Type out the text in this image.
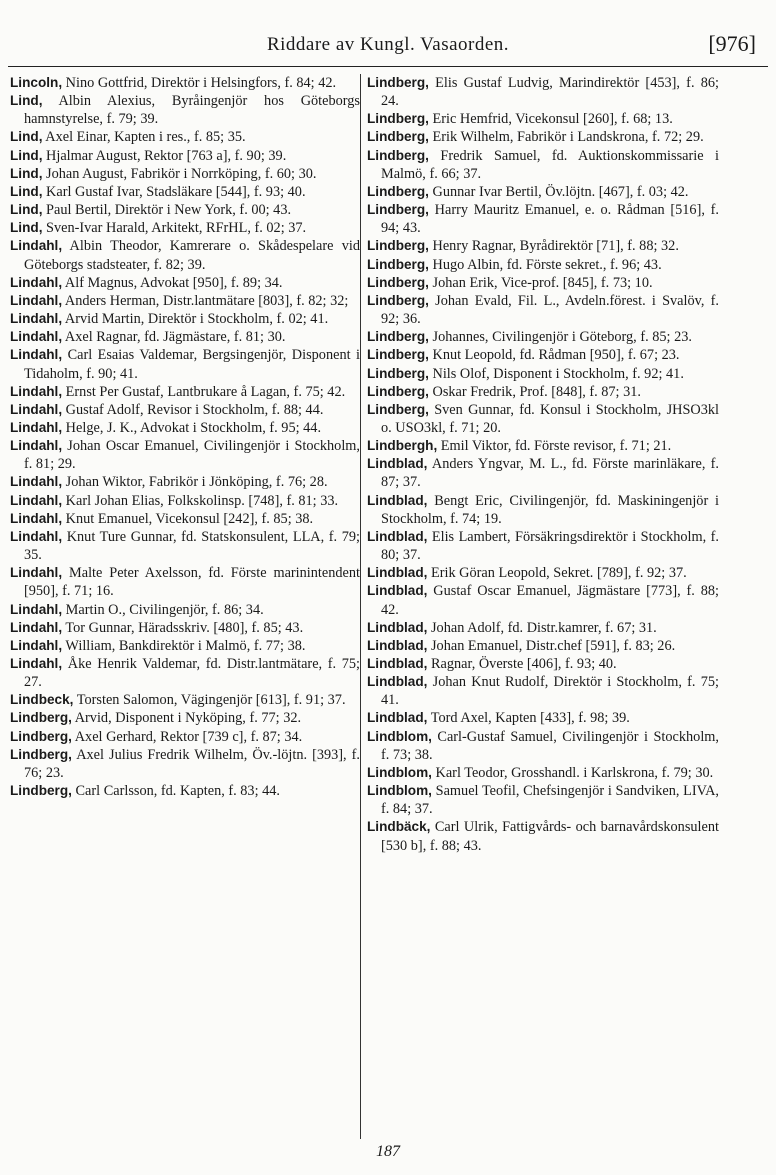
Riddare av Kungl. Vasaorden.	[976]

Lincoln, Nino Gottfrid, Direktör i Helsingfors, f. 84; 42.

Lind, Albin Alexius, Byråingenjör hos Göteborgs hamnstyrelse, f. 79; 39.

Lind, Axel Einar, Kapten i res., f. 85; 35.

Lind, Hjalmar August, Rektor [763 a], f. 90; 39.

Lind, Johan August, Fabrikör i Norrköping, f. 60; 30.

Lind, Karl Gustaf Ivar, Stadsläkare [544], f. 93; 40.

Lind, Paul Bertil, Direktör i New York, f. 00; 43.

Lind, Sven-Ivar Harald, Arkitekt, RFrHL, f. 02; 37.

Lindahl, Albin Theodor, Kamrerare o. Skådespelare vid Göteborgs stadsteater, f. 82; 39.

Lindahl, Alf Magnus, Advokat [950], f. 89; 34.

Lindahl, Anders Herman, Distr.lantmätare [803], f. 82; 32;

Lindahl, Arvid Martin, Direktör i Stockholm, f. 02; 41.

Lindahl, Axel Ragnar, fd. Jägmästare, f. 81; 30.

Lindahl, Carl Esaias Valdemar, Bergsingenjör, Disponent i Tidaholm, f. 90; 41.

Lindahl, Ernst Per Gustaf, Lantbrukare å Lagan, f. 75; 42.

Lindahl, Gustaf Adolf, Revisor i Stockholm, f. 88; 44.

Lindahl, Helge, J. K., Advokat i Stockholm, f. 95; 44.

Lindahl, Johan Oscar Emanuel, Civilingenjör i Stockholm, f. 81; 29.

Lindahl, Johan Wiktor, Fabrikör i Jönköping, f. 76; 28.

Lindahl, Karl Johan Elias, Folkskolinsp. [748], f. 81; 33.

Lindahl, Knut Emanuel, Vicekonsul [242], f. 85; 38.

Lindahl, Knut Ture Gunnar, fd. Statskonsulent, LLA, f. 79; 35.

Lindahl, Malte Peter Axelsson, fd. Förste marinintendent [950], f. 71; 16.

Lindahl, Martin O., Civilingenjör, f. 86; 34.

Lindahl, Tor Gunnar, Häradsskriv. [480], f. 85; 43.

Lindahl, William, Bankdirektör i Malmö, f. 77; 38.

Lindahl, Åke Henrik Valdemar, fd. Distr.lantmätare, f. 75; 27.

Lindbeck, Torsten Salomon, Vägingenjör [613], f. 91; 37.

Lindberg, Arvid, Disponent i Nyköping, f. 77; 32.

Lindberg, Axel Gerhard, Rektor [739 c], f. 87; 34.

Lindberg, Axel Julius Fredrik Wilhelm, Öv.-löjtn. [393], f. 76; 23.

Lindberg, Carl Carlsson, fd. Kapten, f. 83; 44.

Lindberg, Elis Gustaf Ludvig, Marindirektör [453], f. 86; 24.

Lindberg, Eric Hemfrid, Vicekonsul [260], f. 68; 13.

Lindberg, Erik Wilhelm, Fabrikör i Landskrona, f. 72; 29.

Lindberg, Fredrik Samuel, fd. Auktionskommissarie i Malmö, f. 66; 37.

Lindberg, Gunnar Ivar Bertil, Öv.löjtn. [467], f. 03; 42.

Lindberg, Harry Mauritz Emanuel, e. o. Rådman [516], f. 94; 43.

Lindberg, Henry Ragnar, Byrådirektör [71], f. 88; 32.

Lindberg, Hugo Albin, fd. Förste sekret., f. 96; 43.

Lindberg, Johan Erik, Vice-prof. [845], f. 73; 10.

Lindberg, Johan Evald, Fil. L., Avdeln.förest. i Svalöv, f. 92; 36.

Lindberg, Johannes, Civilingenjör i Göteborg, f. 85; 23.

Lindberg, Knut Leopold, fd. Rådman [950], f. 67; 23.

Lindberg, Nils Olof, Disponent i Stockholm, f. 92; 41.

Lindberg, Oskar Fredrik, Prof. [848], f. 87; 31.

Lindberg, Sven Gunnar, fd. Konsul i Stockholm, JHSO3kl o. USO3kl, f. 71; 20.

Lindbergh, Emil Viktor, fd. Förste revisor, f. 71; 21.

Lindblad, Anders Yngvar, M. L., fd. Förste marinläkare, f. 87; 37.

Lindblad, Bengt Eric, Civilingenjör, fd. Maskiningenjör i Stockholm, f. 74; 19.

Lindblad, Elis Lambert, Försäkringsdirektör i Stockholm, f. 80; 37.

Lindblad, Erik Göran Leopold, Sekret. [789], f. 92; 37.

Lindblad, Gustaf Oscar Emanuel, Jägmästare [773], f. 88; 42.

Lindblad, Johan Adolf, fd. Distr.kamrer, f. 67; 31.

Lindblad, Johan Emanuel, Distr.chef [591], f. 83; 26.

Lindblad, Ragnar, Överste [406], f. 93; 40.

Lindblad, Johan Knut Rudolf, Direktör i Stockholm, f. 75; 41.

Lindblad, Tord Axel, Kapten [433], f. 98; 39.

Lindblom, Carl-Gustaf Samuel, Civilingenjör i Stockholm, f. 73; 38.

Lindblom, Karl Teodor, Grosshandl. i Karlskrona, f. 79; 30.

Lindblom, Samuel Teofil, Chefsingenjör i Sandviken, LIVA, f. 84; 37.

Lindbäck, Carl Ulrik, Fattigvårds- och barnavårdskonsulent [530 b], f. 88; 43.

187
